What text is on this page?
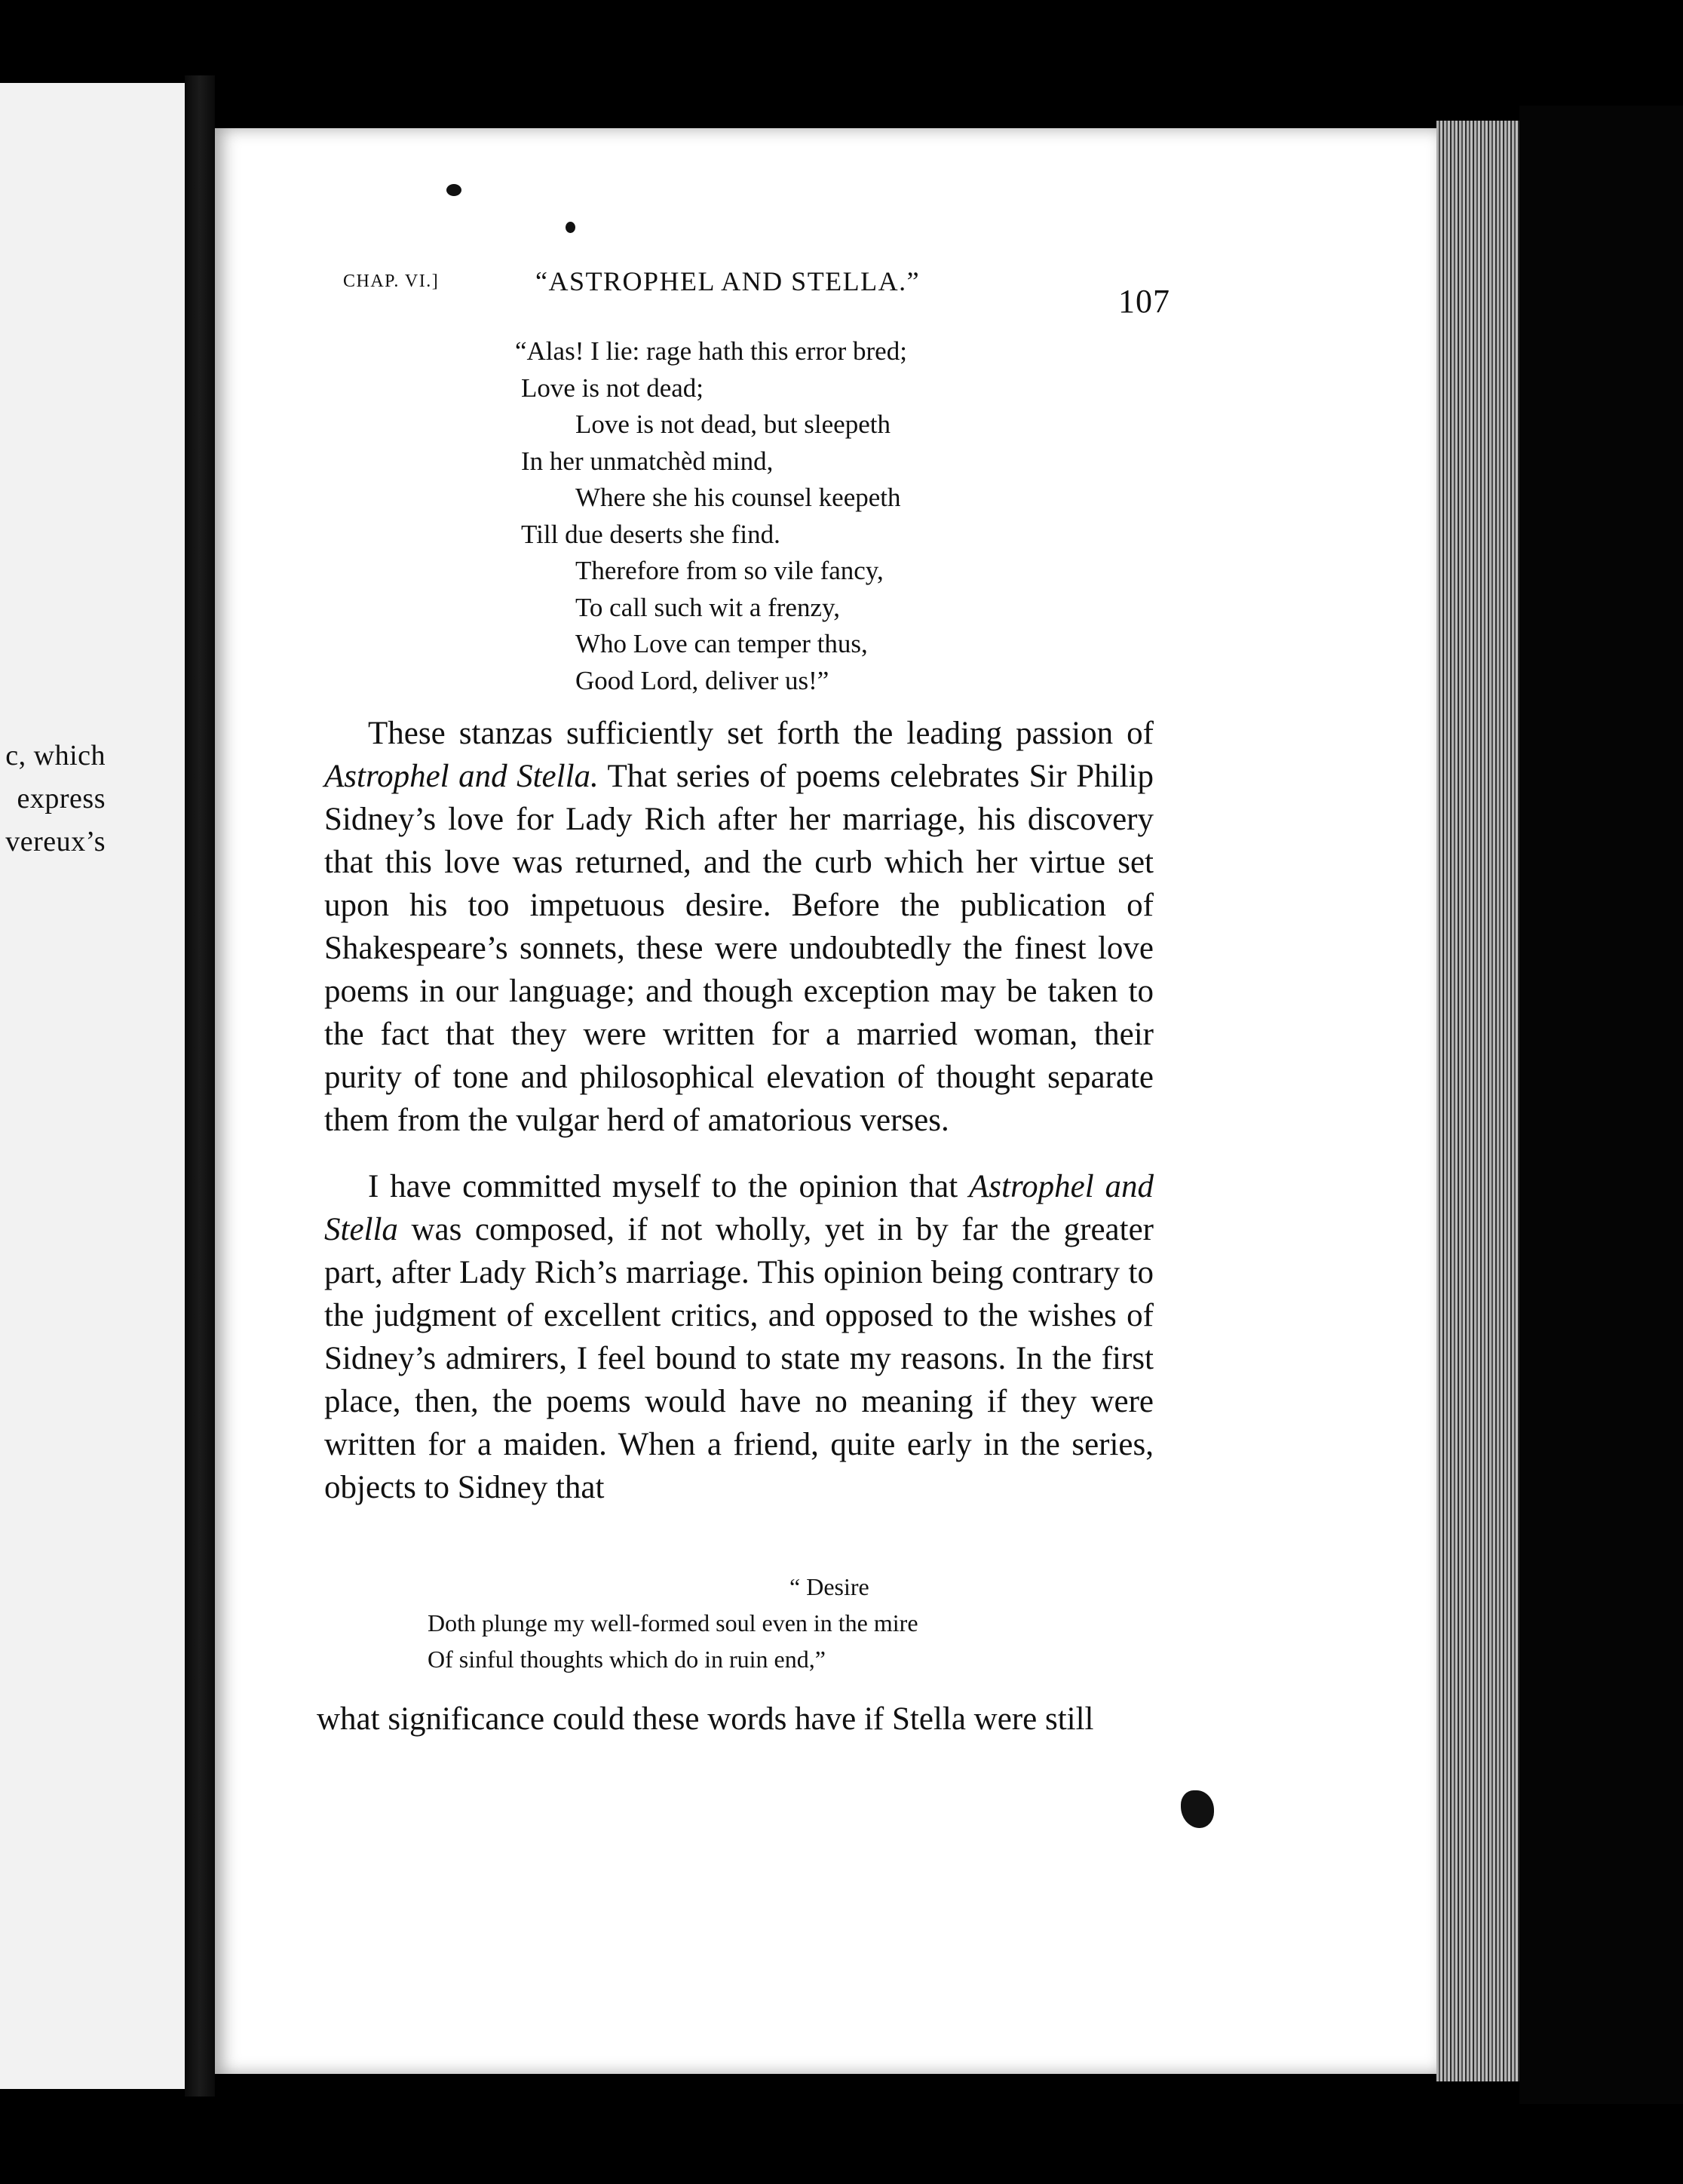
c, which
express
vereux’s
CHAP. VI.]	“ASTROPHEL AND STELLA.”
107
“Alas! I lie: rage hath this error bred;
Love is not dead;
Love is not dead, but sleepeth
In her unmatchèd mind,
Where she his counsel keepeth
Till due deserts she find.
Therefore from so vile fancy,
To call such wit a frenzy,
Who Love can temper thus,
Good Lord, deliver us!”

These stanzas sufficiently set forth the leading passion of Astrophel and Stella. That series of poems celebrates Sir Philip Sidney’s love for Lady Rich after her marriage, his discovery that this love was returned, and the curb which her virtue set upon his too impetuous desire. Before the publication of Shakespeare’s sonnets, these were undoubtedly the finest love poems in our language; and though exception may be taken to the fact that they were written for a married woman, their purity of tone and philosophical elevation of thought separate them from the vulgar herd of amatorious verses.

I have committed myself to the opinion that Astrophel and Stella was composed, if not wholly, yet in by far the greater part, after Lady Rich’s marriage. This opinion being contrary to the judgment of excellent critics, and opposed to the wishes of Sidney’s admirers, I feel bound to state my reasons. In the first place, then, the poems would have no meaning if they were written for a maiden. When a friend, quite early in the series, objects to Sidney that

“ Desire
Doth plunge my well-formed soul even in the mire
Of sinful thoughts which do in ruin end,”
what significance could these words have if Stella were still
